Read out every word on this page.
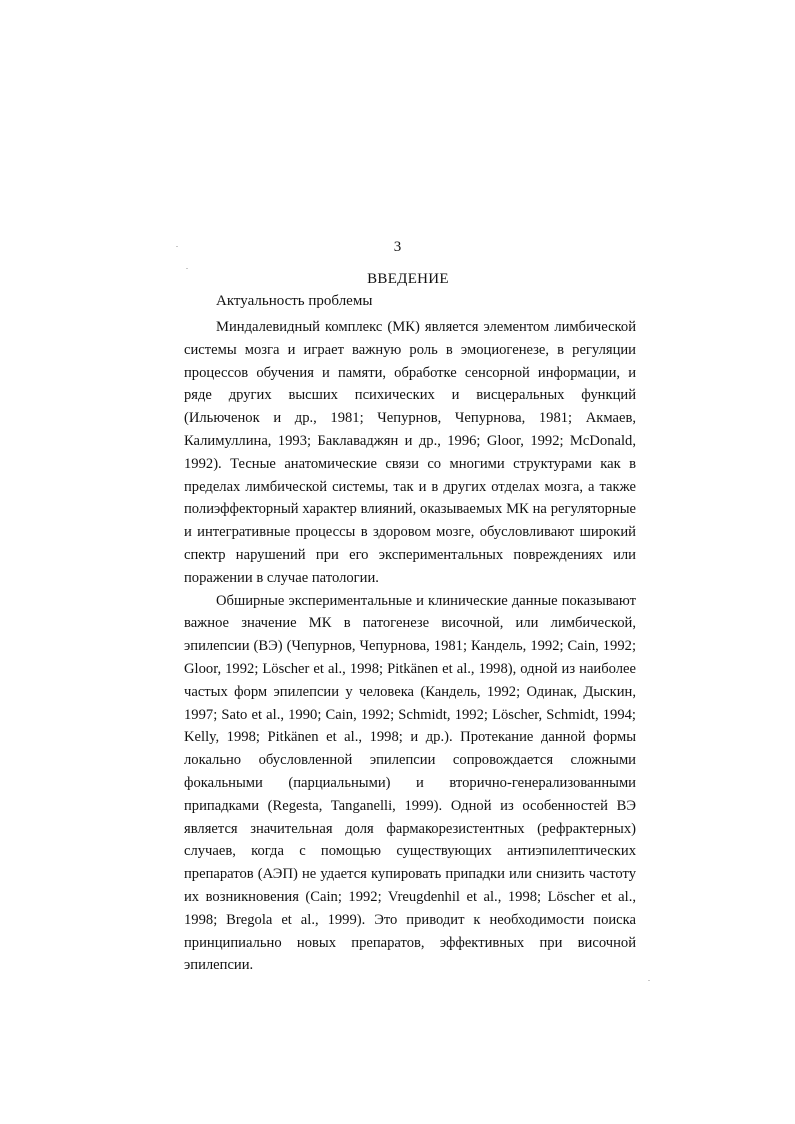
3
ВВЕДЕНИЕ
Актуальность проблемы

Миндалевидный комплекс (МК) является элементом лимбической системы мозга и играет важную роль в эмоциогенезе, в регуляции процессов обучения и памяти, обработке сенсорной информации, и ряде других высших психических и висцеральных функций (Ильюченок и др., 1981; Чепурнов, Чепурнова, 1981; Акмаев, Калимуллина, 1993; Баклаваджян и др., 1996; Gloor, 1992; McDonald, 1992). Тесные анатомические связи со многими структурами как в пределах лимбической системы, так и в других отделах мозга, а также полиэффекторный характер влияний, оказываемых МК на регуляторные и интегративные процессы в здоровом мозге, обусловливают широкий спектр нарушений при его экспериментальных повреждениях или поражении в случае патологии.

Обширные экспериментальные и клинические данные показывают важное значение МК в патогенезе височной, или лимбической, эпилепсии (ВЭ) (Чепурнов, Чепурнова, 1981; Кандель, 1992; Cain, 1992; Gloor, 1992; Löscher et al., 1998; Pitkänen et al., 1998), одной из наиболее частых форм эпилепсии у человека (Кандель, 1992; Одинак, Дыскин, 1997; Sato et al., 1990; Cain, 1992; Schmidt, 1992; Löscher, Schmidt, 1994; Kelly, 1998; Pitkänen et al., 1998; и др.). Протекание данной формы локально обусловленной эпилепсии сопровождается сложными фокальными (парциальными) и вторично-генерализованными припадками (Regesta, Tanganelli, 1999). Одной из особенностей ВЭ является значительная доля фармакорезистентных (рефрактерных) случаев, когда с помощью существующих антиэпилептических препаратов (АЭП) не удается купировать припадки или снизить частоту их возникновения (Cain; 1992; Vreugdenhil et al., 1998; Löscher et al., 1998; Bregola et al., 1999). Это приводит к необходимости поиска принципиально новых препаратов, эффективных при височной эпилепсии.
